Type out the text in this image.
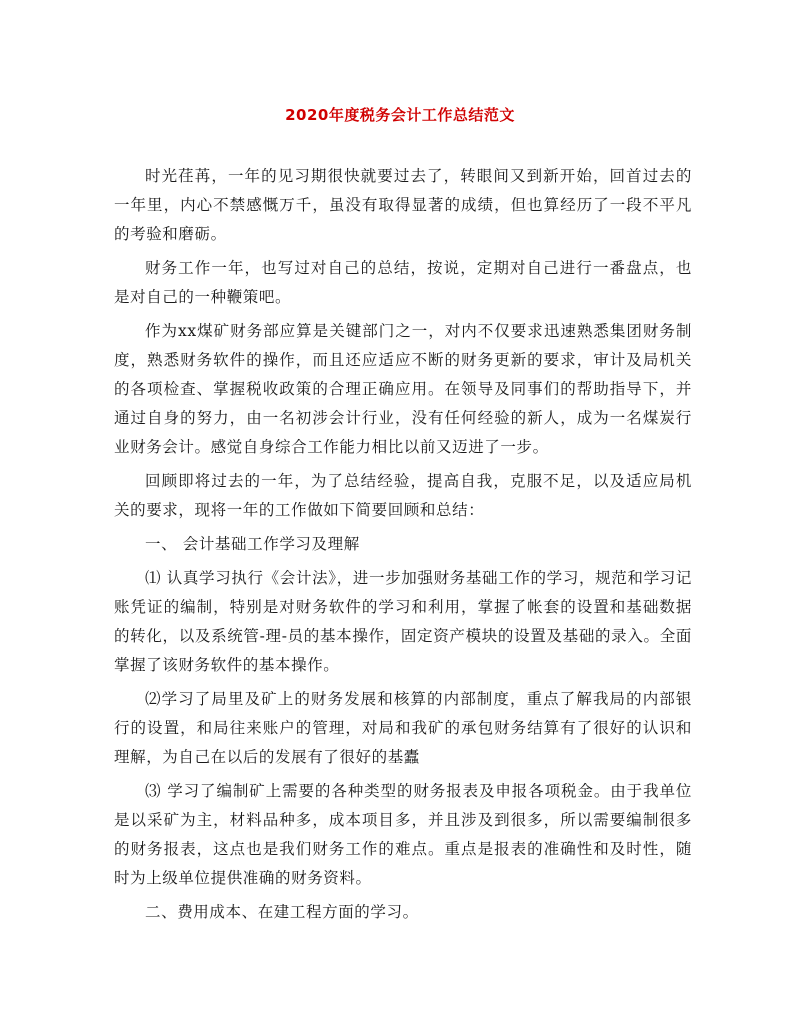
2020年度税务会计工作总结范文

时光荏苒，一年的见习期很快就要过去了，转眼间又到新开始，回首过去的一年里，内心不禁感慨万千，虽没有取得显著的成绩，但也算经历了一段不平凡的考验和磨砺。

财务工作一年，也写过对自己的总结，按说，定期对自己进行一番盘点，也是对自己的一种鞭策吧。

作为xx煤矿财务部应算是关键部门之一，对内不仅要求迅速熟悉集团财务制度，熟悉财务软件的操作，而且还应适应不断的财务更新的要求，审计及局机关的各项检查、掌握税收政策的合理正确应用。在领导及同事们的帮助指导下，并通过自身的努力，由一名初涉会计行业，没有任何经验的新人，成为一名煤炭行业财务会计。感觉自身综合工作能力相比以前又迈进了一步。

回顾即将过去的一年，为了总结经验，提高自我，克服不足，以及适应局机关的要求，现将一年的工作做如下简要回顾和总结：

一、 会计基础工作学习及理解

⑴ 认真学习执行《会计法》，进一步加强财务基础工作的学习，规范和学习记账凭证的编制，特别是对财务软件的学习和利用，掌握了帐套的设置和基础数据的转化，以及系统管-理-员的基本操作，固定资产模块的设置及基础的录入。全面掌握了该财务软件的基本操作。

⑵学习了局里及矿上的财务发展和核算的内部制度，重点了解我局的内部银行的设置，和局往来账户的管理，对局和我矿的承包财务结算有了很好的认识和理解，为自己在以后的发展有了很好的基蠹

⑶ 学习了编制矿上需要的各种类型的财务报表及申报各项税金。由于我单位是以采矿为主，材料品种多，成本项目多，并且涉及到很多，所以需要编制很多的财务报表，这点也是我们财务工作的难点。重点是报表的准确性和及时性，随时为上级单位提供准确的财务资料。

二、费用成本、在建工程方面的学习。
